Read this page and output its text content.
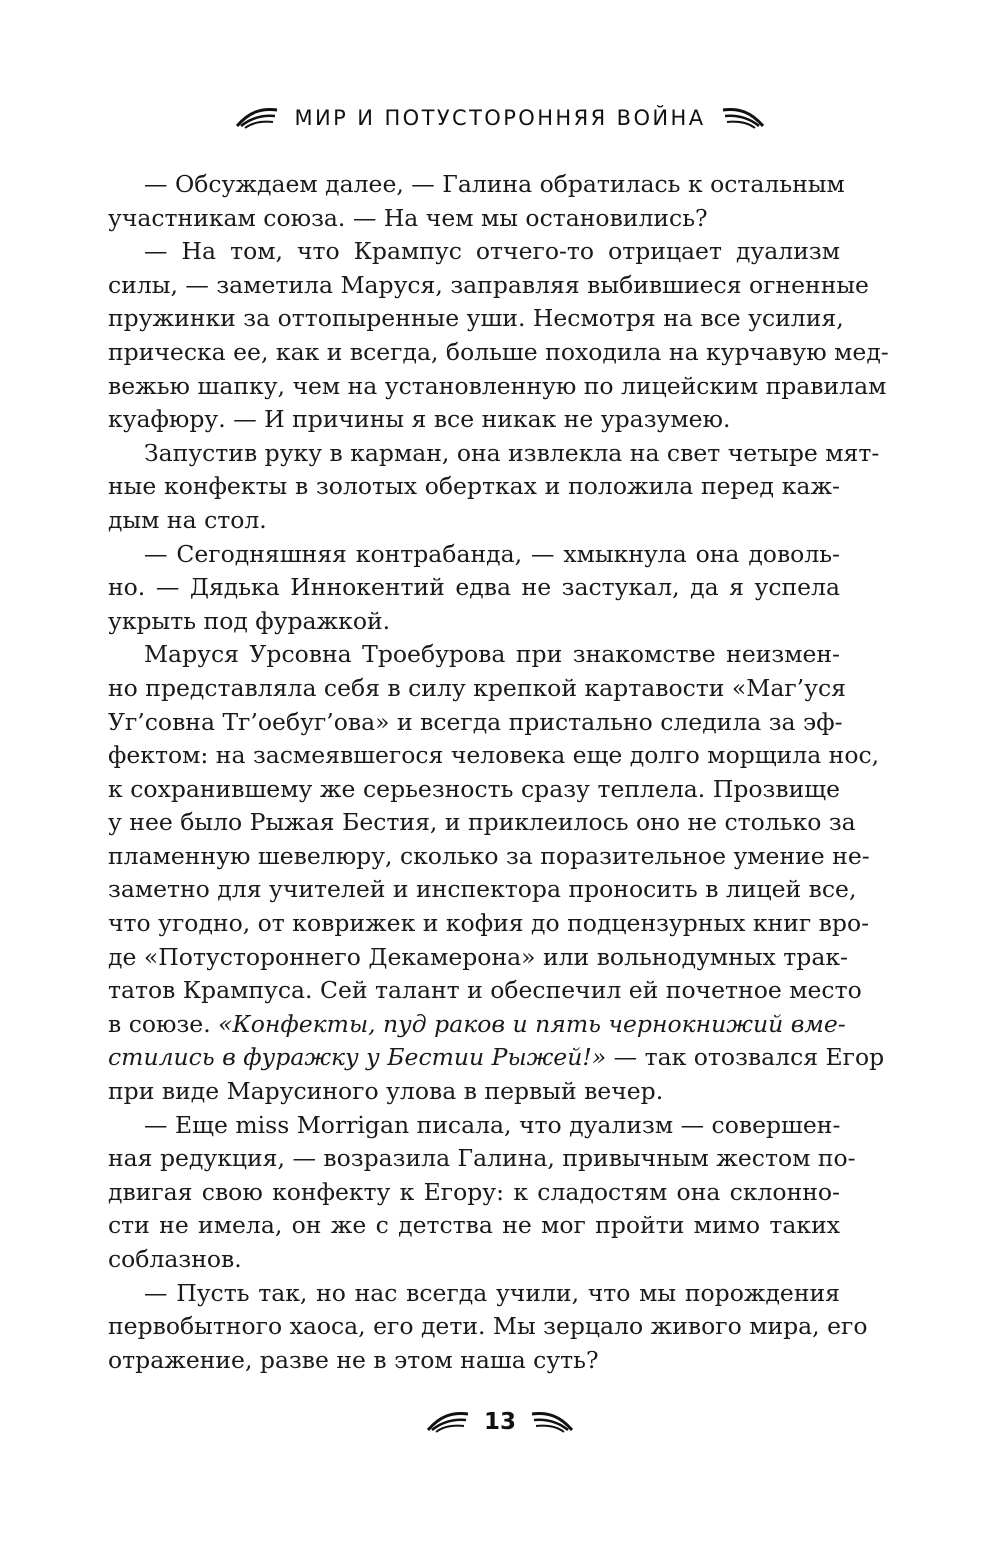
МИР И ПОТУСТОРОННЯЯ ВОЙНА
— Обсуждаем далее, — Галина обратилась к остальным
участникам союза. — На чем мы остановились?
— На том, что Крампус отчего-то отрицает дуализм
силы, — заметила Маруся, заправляя выбившиеся огненные
пружинки за оттопыренные уши. Несмотря на все усилия,
прическа ее, как и всегда, больше походила на курчавую мед-
вежью шапку, чем на установленную по лицейским правилам
куафюру. — И причины я все никак не уразумею.
Запустив руку в карман, она извлекла на свет четыре мят-
ные конфекты в золотых обертках и положила перед каж-
дым на стол.
— Сегодняшняя контрабанда, — хмыкнула она доволь-
но. — Дядька Иннокентий едва не застукал, да я успела
укрыть под фуражкой.
Маруся Урсовна Троебурова при знакомстве неизмен-
но представляла себя в силу крепкой картавости «Маг’уся
Уг’совна Тг’оебуг’ова» и всегда пристально следила за эф-
фектом: на засмеявшегося человека еще долго морщила нос,
к сохранившему же серьезность сразу теплела. Прозвище
у нее было Рыжая Бестия, и приклеилось оно не столько за
пламенную шевелюру, сколько за поразительное умение не-
заметно для учителей и инспектора проносить в лицей все,
что угодно, от коврижек и кофия до подцензурных книг вро-
де «Потустороннего Декамерона» или вольнодумных трак-
татов Крампуса. Сей талант и обеспечил ей почетное место
в союзе. «Конфекты, пуд раков и пять чернокнижий вме-
стились в фуражку у Бестии Рыжей!» — так отозвался Егор
при виде Марусиного улова в первый вечер.
— Еще miss Morrigan писала, что дуализм — совершен-
ная редукция, — возразила Галина, привычным жестом по-
двигая свою конфекту к Егору: к сладостям она склонно-
сти не имела, он же с детства не мог пройти мимо таких
соблазнов.
— Пусть так, но нас всегда учили, что мы порождения
первобытного хаоса, его дети. Мы зерцало живого мира, его
отражение, разве не в этом наша суть?
13
